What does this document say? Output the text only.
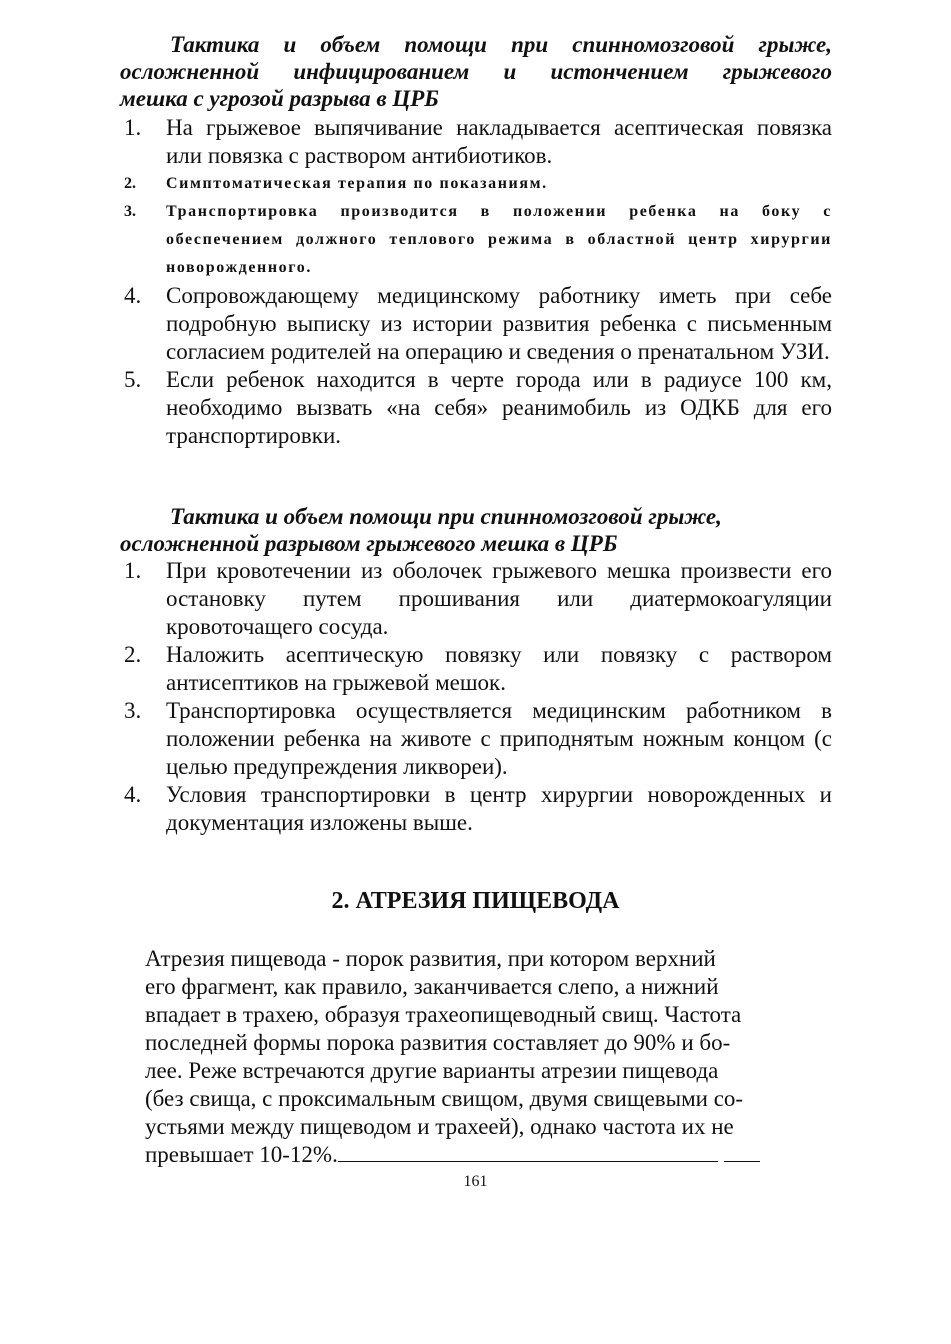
Тактика и объем помощи при спинномозговой грыже,
осложненной инфицированием и истончением грыжевого
мешка с угрозой разрыва в ЦРБ
1. На грыжевое выпячивание накладывается асептическая повязка или повязка с раствором антибиотиков.
2. Симптоматическая терапия по показаниям.
3. Транспортировка производится в положении ребенка на боку с обеспечением должного теплового режима в областной центр хирургии новорожденного.
4. Сопровождающему медицинскому работнику иметь при себе подробную выписку из истории развития ребенка с письменным согласием родителей на операцию и сведения о пренатальном УЗИ.
5. Если ребенок находится в черте города или в радиусе 100 км, необходимо вызвать «на себя» реанимобиль из ОДКБ для его транспортировки.
Тактика и объем помощи при спинномозговой грыже,
осложненной разрывом грыжевого мешка в ЦРБ
1. При кровотечении из оболочек грыжевого мешка произвести его остановку путем прошивания или диатермокоагуляции кровоточащего сосуда.
2. Наложить асептическую повязку или повязку с раствором антисептиков на грыжевой мешок.
3. Транспортировка осуществляется медицинским работником в положении ребенка на животе с приподнятым ножным концом (с целью предупреждения ликвореи).
4. Условия транспортировки в центр хирургии новорожденных и документация изложены выше.
2. АТРЕЗИЯ ПИЩЕВОДА
Атрезия пищевода - порок развития, при котором верхний
его фрагмент, как правило, заканчивается слепо, а нижний
впадает в трахею, образуя трахеопищеводный свищ. Частота
последней формы порока развития составляет до 90% и бо-
лее. Реже встречаются другие варианты атрезии пищевода
(без свища, с проксимальным свищом, двумя свищевыми со-
устьями между пищеводом и трахеей), однако частота их не
превышает 10-12%.
161
